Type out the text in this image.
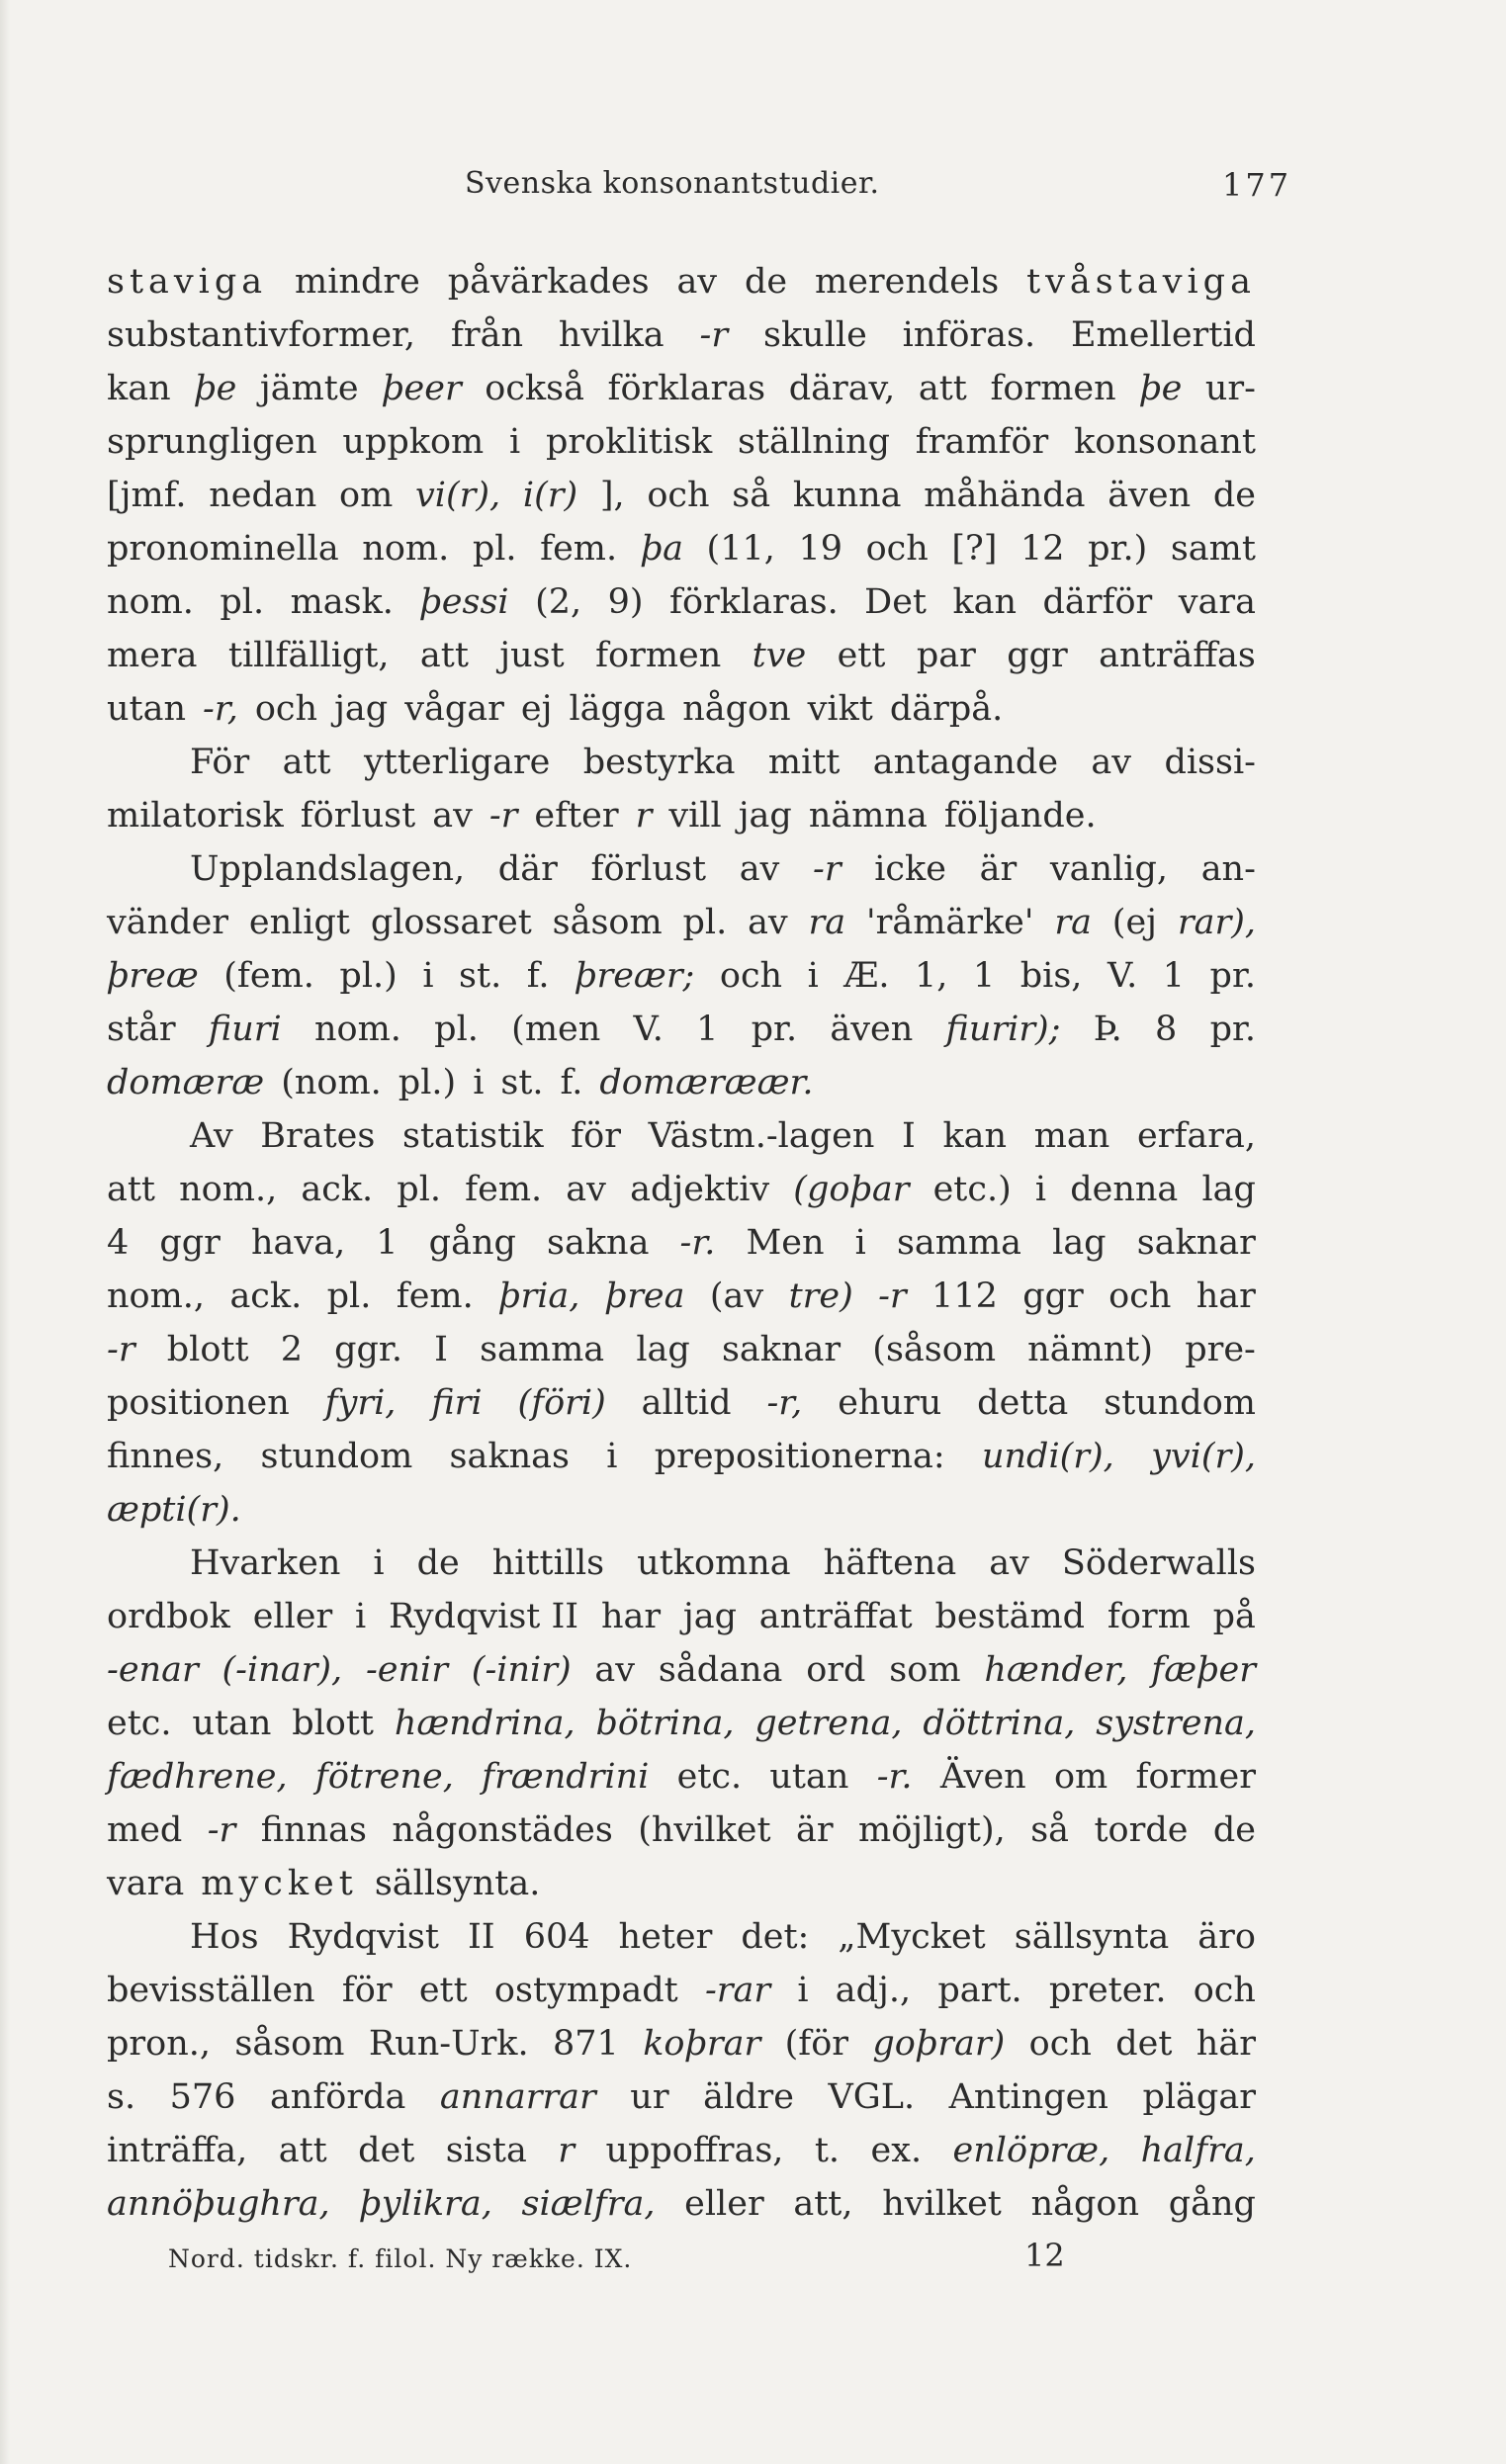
Svenska konsonantstudier.	177
staviga mindre påvärkades av de merendels tvåstaviga
substantivformer, från hvilka -r skulle införas. Emellertid
kan þe jämte þeer också förklaras därav, att formen þe ur-
sprungligen uppkom i proklitisk ställning framför konsonant
[jmf. nedan om vi(r), i(r) ], och så kunna måhända även de
pronominella nom. pl. fem. þa (11, 19 och [?] 12 pr.) samt
nom. pl. mask. þessi (2, 9) förklaras. Det kan därför vara
mera tillfälligt, att just formen tve ett par ggr anträffas
utan -r, och jag vågar ej lägga någon vikt därpå.
För att ytterligare bestyrka mitt antagande av dissi-
milatorisk förlust av -r efter r vill jag nämna följande.
Upplandslagen, där förlust av -r icke är vanlig, an-
vänder enligt glossaret såsom pl. av ra 'råmärke' ra (ej rar),
þreæ (fem. pl.) i st. f. þreær; och i Æ. 1, 1 bis, V. 1 pr.
står fiuri nom. pl. (men V. 1 pr. även fiurir); Þ. 8 pr.
domæræ (nom. pl.) i st. f. domæræær.
Av Brates statistik för Västm.-lagen I kan man erfara,
att nom., ack. pl. fem. av adjektiv (goþar etc.) i denna lag
4 ggr hava, 1 gång sakna -r. Men i samma lag saknar
nom., ack. pl. fem. þria, þrea (av tre) -r 112 ggr och har
-r blott 2 ggr. I samma lag saknar (såsom nämnt) pre-
positionen fyri, firi (föri) alltid -r, ehuru detta stundom
finnes, stundom saknas i prepositionerna: undi(r), yvi(r),
æpti(r).
Hvarken i de hittills utkomna häftena av Söderwalls
ordbok eller i Rydqvist II har jag anträffat bestämd form på
-enar (-inar), -enir (-inir) av sådana ord som hænder, fæþer
etc. utan blott hændrina, bötrina, getrena, döttrina, systrena,
fædhrene, fötrene, frændrini etc. utan -r. Även om former
med -r finnas någonstädes (hvilket är möjligt), så torde de
vara mycket sällsynta.
Hos Rydqvist II 604 heter det: „Mycket sällsynta äro
bevisställen för ett ostympadt -rar i adj., part. preter. och
pron., såsom Run-Urk. 871 koþrar (för goþrar) och det här
s. 576 anförda annarrar ur äldre VGL. Antingen plägar
inträffa, att det sista r uppoffras, t. ex. enlöpræ, halfra,
annöþughra, þylikra, siælfra, eller att, hvilket någon gång
Nord. tidskr. f. filol. Ny række. IX.	12
